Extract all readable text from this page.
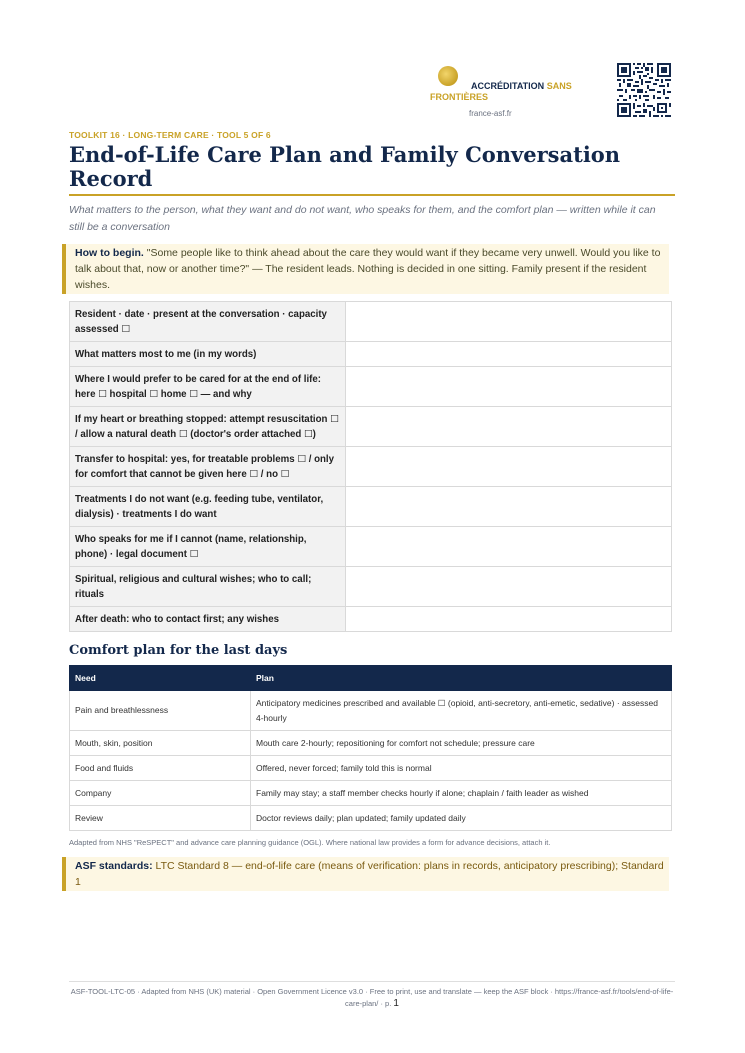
ACCRÉDITATION SANS FRONTIÈRES
france-asf.fr
TOOLKIT 16 · LONG-TERM CARE · TOOL 5 OF 6
End-of-Life Care Plan and Family Conversation Record

What matters to the person, what they want and do not want, who speaks for them, and the comfort plan — written while it can still be a conversation

How to begin. "Some people like to think ahead about the care they would want if they became very unwell. Would you like to talk about that, now or another time?" — The resident leads. Nothing is decided in one sitting. Family present if the resident wishes.
Resident · date · present at the conversation · capacity assessed ☐	
What matters most to me (in my words)	
Where I would prefer to be cared for at the end of life: here ☐ hospital ☐ home ☐ — and why	
If my heart or breathing stopped: attempt resuscitation ☐ / allow a natural death ☐ (doctor's order attached ☐)	
Transfer to hospital: yes, for treatable problems ☐ / only for comfort that cannot be given here ☐ / no ☐	
Treatments I do not want (e.g. feeding tube, ventilator, dialysis) · treatments I do want	
Who speaks for me if I cannot (name, relationship, phone) · legal document ☐	
Spiritual, religious and cultural wishes; who to call; rituals	
After death: who to contact first; any wishes	
Comfort plan for the last days
Need	Plan
Pain and breathlessness	Anticipatory medicines prescribed and available ☐ (opioid, anti-secretory, anti-emetic, sedative) · assessed 4-hourly
Mouth, skin, position	Mouth care 2-hourly; repositioning for comfort not schedule; pressure care
Food and fluids	Offered, never forced; family told this is normal
Company	Family may stay; a staff member checks hourly if alone; chaplain / faith leader as wished
Review	Doctor reviews daily; plan updated; family updated daily

Adapted from NHS "ReSPECT" and advance care planning guidance (OGL). Where national law provides a form for advance decisions, attach it.

ASF standards: LTC Standard 8 — end-of-life care (means of verification: plans in records, anticipatory prescribing); Standard 1
ASF-TOOL-LTC-05 · Adapted from NHS (UK) material · Open Government Licence v3.0 · Free to print, use and translate — keep the ASF block · https://france-asf.fr/tools/end-of-life-care-plan/ · p. 1
